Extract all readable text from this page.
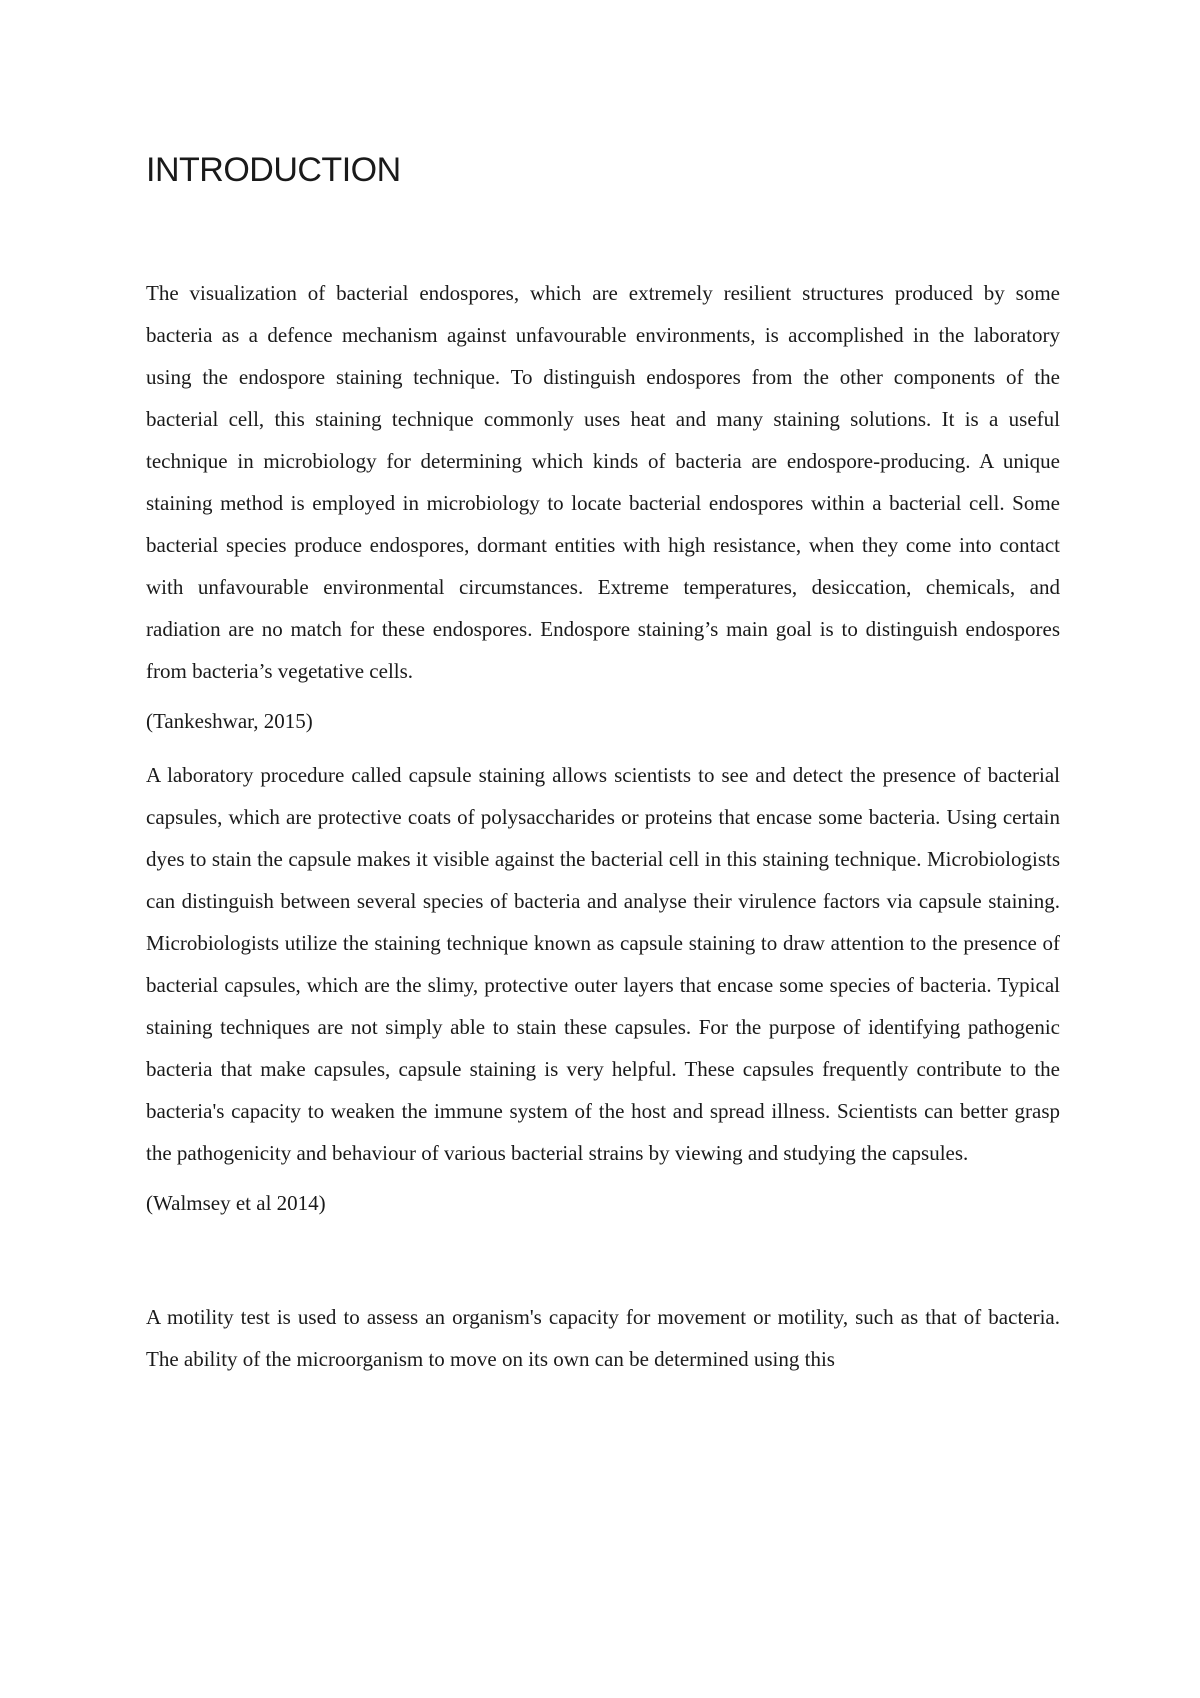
INTRODUCTION

The visualization of bacterial endospores, which are extremely resilient structures produced by some bacteria as a defence mechanism against unfavourable environments, is accomplished in the laboratory using the endospore staining technique. To distinguish endospores from the other components of the bacterial cell, this staining technique commonly uses heat and many staining solutions. It is a useful technique in microbiology for determining which kinds of bacteria are endospore-producing. A unique staining method is employed in microbiology to locate bacterial endospores within a bacterial cell. Some bacterial species produce endospores, dormant entities with high resistance, when they come into contact with unfavourable environmental circumstances. Extreme temperatures, desiccation, chemicals, and radiation are no match for these endospores. Endospore staining’s main goal is to distinguish endospores from bacteria’s vegetative cells.

(Tankeshwar, 2015)

A laboratory procedure called capsule staining allows scientists to see and detect the presence of bacterial capsules, which are protective coats of polysaccharides or proteins that encase some bacteria. Using certain dyes to stain the capsule makes it visible against the bacterial cell in this staining technique. Microbiologists can distinguish between several species of bacteria and analyse their virulence factors via capsule staining. Microbiologists utilize the staining technique known as capsule staining to draw attention to the presence of bacterial capsules, which are the slimy, protective outer layers that encase some species of bacteria. Typical staining techniques are not simply able to stain these capsules. For the purpose of identifying pathogenic bacteria that make capsules, capsule staining is very helpful. These capsules frequently contribute to the bacteria's capacity to weaken the immune system of the host and spread illness. Scientists can better grasp the pathogenicity and behaviour of various bacterial strains by viewing and studying the capsules.

(Walmsey et al 2014)

A motility test is used to assess an organism's capacity for movement or motility, such as that of bacteria. The ability of the microorganism to move on its own can be determined using this
